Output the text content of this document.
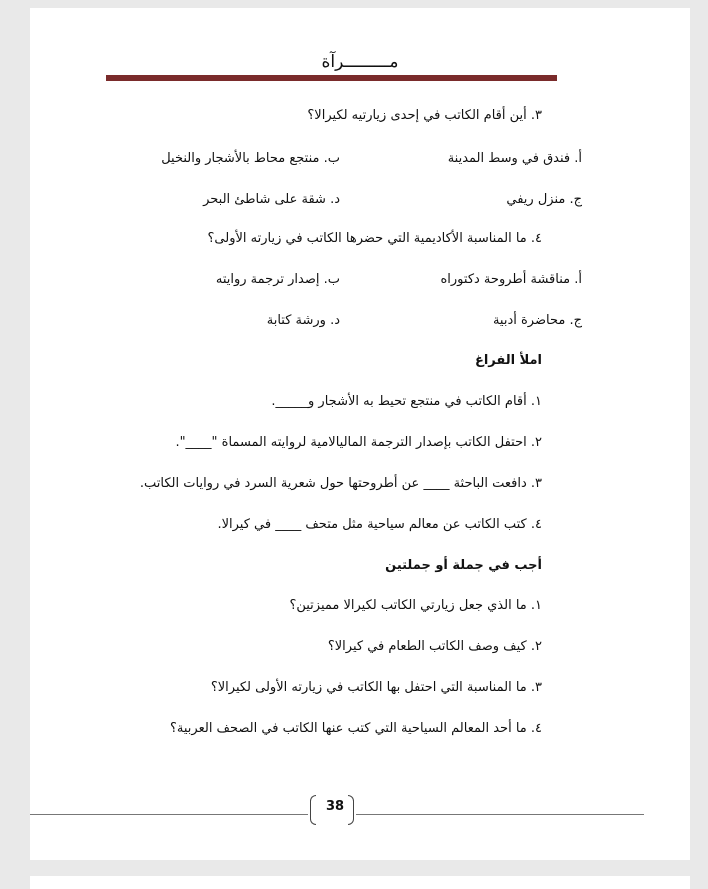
مـــــــــرآة
٣. أين أقام الكاتب في إحدى زيارتيه لكيرالا؟
أ. فندق في وسط المدينة
ب. منتجع محاط بالأشجار والنخيل
ج. منزل ريفي
د. شقة على شاطئ البحر
٤. ما المناسبة الأكاديمية التي حضرها الكاتب في زيارته الأولى؟
أ. مناقشة أطروحة دكتوراه
ب. إصدار ترجمة روايته
ج. محاضرة أدبية
د. ورشة كتابة
املأ الفراغ
١. أقام الكاتب في منتجع تحيط به الأشجار و_____.
٢. احتفل الكاتب بإصدار الترجمة الماليالامية لروايته المسماة "____".
٣. دافعت الباحثة ____ عن أطروحتها حول شعرية السرد في روايات الكاتب.
٤. كتب الكاتب عن معالم سياحية مثل متحف ____ في كيرالا.
أجب في جملة أو جملتين
١. ما الذي جعل زيارتي الكاتب لكيرالا مميزتين؟
٢. كيف وصف الكاتب الطعام في كيرالا؟
٣. ما المناسبة التي احتفل بها الكاتب في زيارته الأولى لكيرالا؟
٤. ما أحد المعالم السياحية التي كتب عنها الكاتب في الصحف العربية؟
38
